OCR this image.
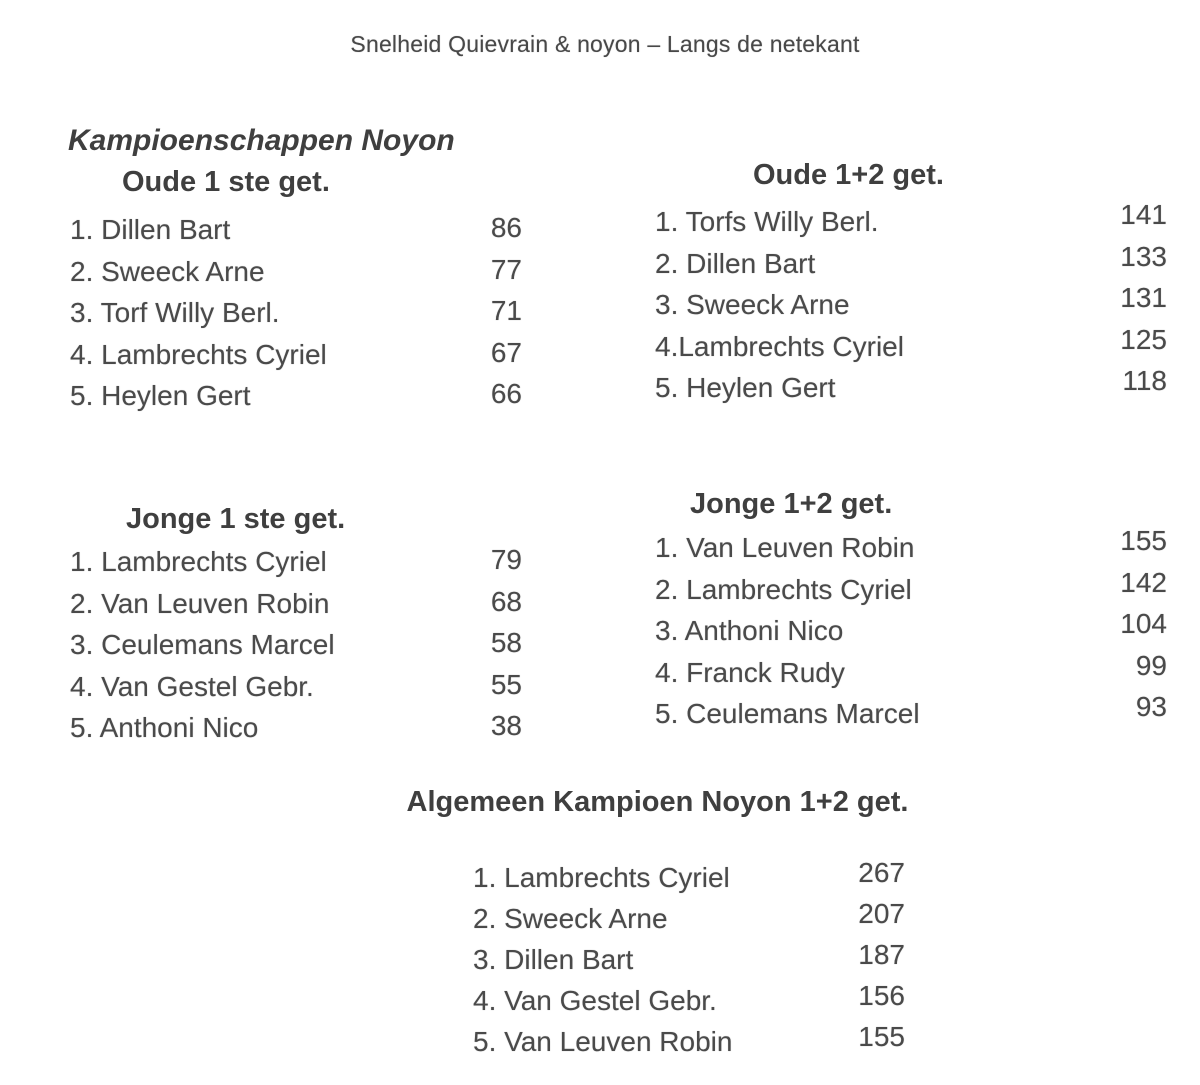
Snelheid Quievrain & noyon – Langs de netekant
Kampioenschappen Noyon
Oude 1 ste get.
1. Dillen Bart	86
2. Sweeck Arne	77
3. Torf Willy Berl.	71
4. Lambrechts Cyriel	67
5. Heylen Gert	66
Oude 1+2 get.
1. Torfs Willy Berl.	141
2. Dillen Bart	133
3. Sweeck Arne	131
4.Lambrechts Cyriel	125
5. Heylen Gert	118
Jonge 1 ste get.
1. Lambrechts Cyriel	79
2. Van Leuven Robin	68
3. Ceulemans Marcel	58
4. Van Gestel Gebr.	55
5. Anthoni Nico	38
Jonge 1+2 get.
1. Van Leuven Robin	155
2. Lambrechts Cyriel	142
3. Anthoni Nico	104
4. Franck Rudy	99
5. Ceulemans Marcel	93
Algemeen Kampioen Noyon 1+2 get.
1. Lambrechts Cyriel	267
2. Sweeck Arne	207
3. Dillen Bart	187
4. Van Gestel Gebr.	156
5. Van Leuven Robin	155
